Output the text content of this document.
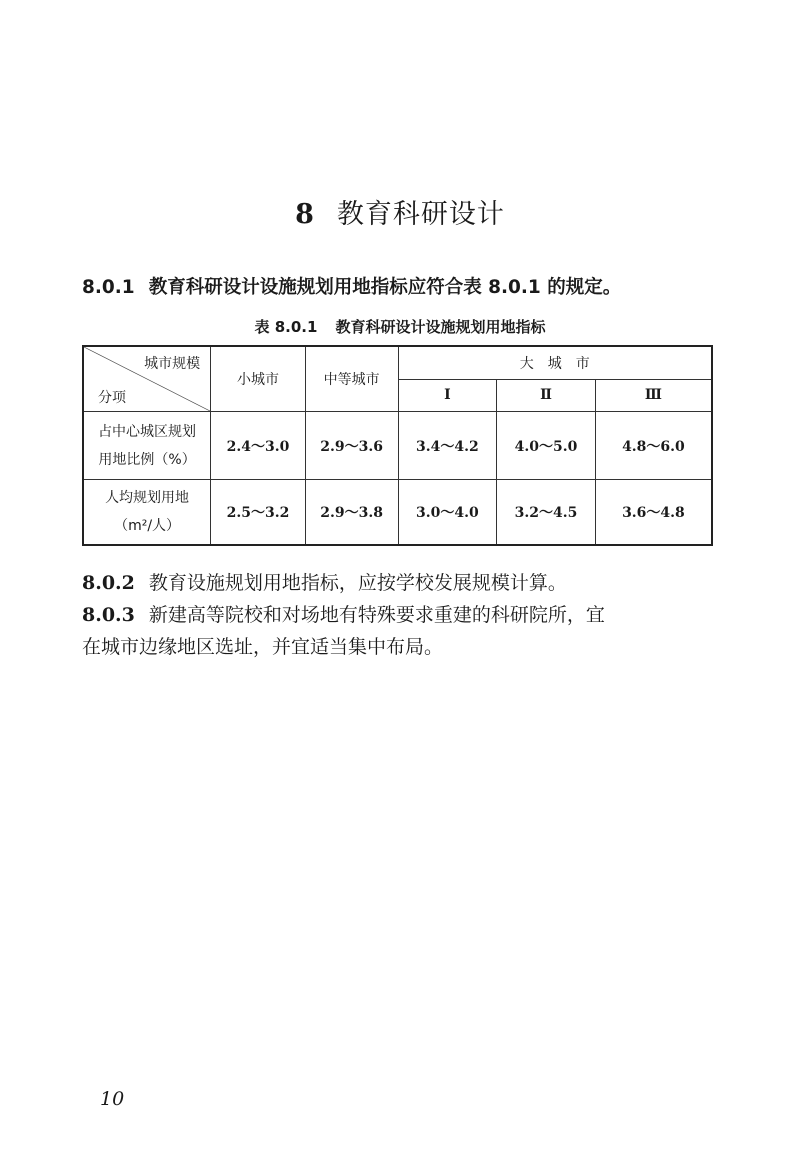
8 教育科研设计
8.0.1 教育科研设计设施规划用地指标应符合表 8.0.1 的规定。
表 8.0.1 教育科研设计设施规划用地指标
城市规模
分项	小城市	中等城市	大　城　市		
			Ⅰ	Ⅱ	Ⅲ
占中心城区规划
用地比例（%）	2.4～3.0	2.9～3.6	3.4～4.2	4.0～5.0	4.8～6.0
人均规划用地
（m²/人）	2.5～3.2	2.9～3.8	3.0～4.0	3.2～4.5	3.6～4.8
8.0.2 教育设施规划用地指标，应按学校发展规模计算。
8.0.3 新建高等院校和对场地有特殊要求重建的科研院所，宜
在城市边缘地区选址，并宜适当集中布局。
10
